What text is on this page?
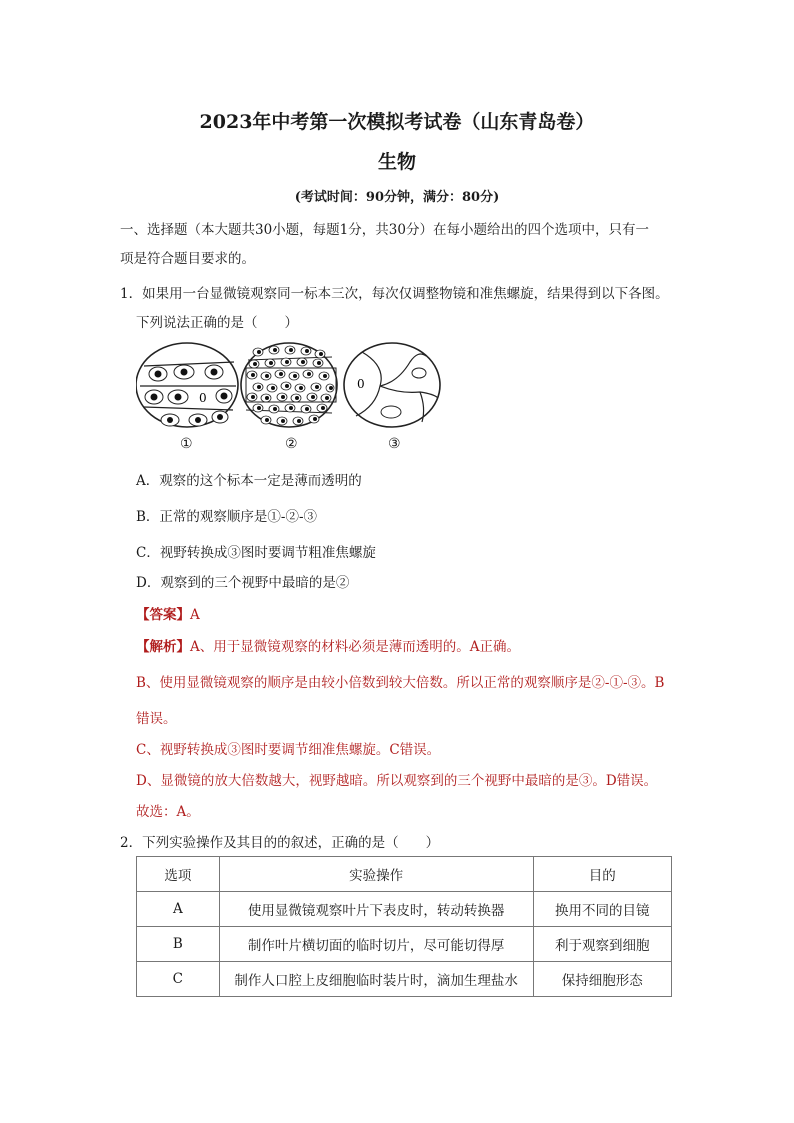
2023年中考第一次模拟考试卷（山东青岛卷）
生物
(考试时间：90分钟，满分：80分)
一、选择题（本大题共30小题，每题1分，共30分）在每小题给出的四个选项中，只有一
项是符合题目要求的。
1．如果用一台显微镜观察同一标本三次，每次仅调整物镜和准焦螺旋，结果得到以下各图。
下列说法正确的是（　　）
0
0
①	②	③
A．观察的这个标本一定是薄而透明的
B．正常的观察顺序是①-②-③
C．视野转换成③图时要调节粗准焦螺旋
D．观察到的三个视野中最暗的是②
【答案】A
【解析】A、用于显微镜观察的材料必须是薄而透明的。A正确。
B、使用显微镜观察的顺序是由较小倍数到较大倍数。所以正常的观察顺序是②-①-③。B
错误。
C、视野转换成③图时要调节细准焦螺旋。C错误。
D、显微镜的放大倍数越大，视野越暗。所以观察到的三个视野中最暗的是③。D错误。
故选：A。
2．下列实验操作及其目的的叙述，正确的是（　　）
选项	实验操作	目的
A	使用显微镜观察叶片下表皮时，转动转换器	换用不同的目镜
B	制作叶片横切面的临时切片，尽可能切得厚	利于观察到细胞
C	制作人口腔上皮细胞临时装片时，滴加生理盐水	保持细胞形态
